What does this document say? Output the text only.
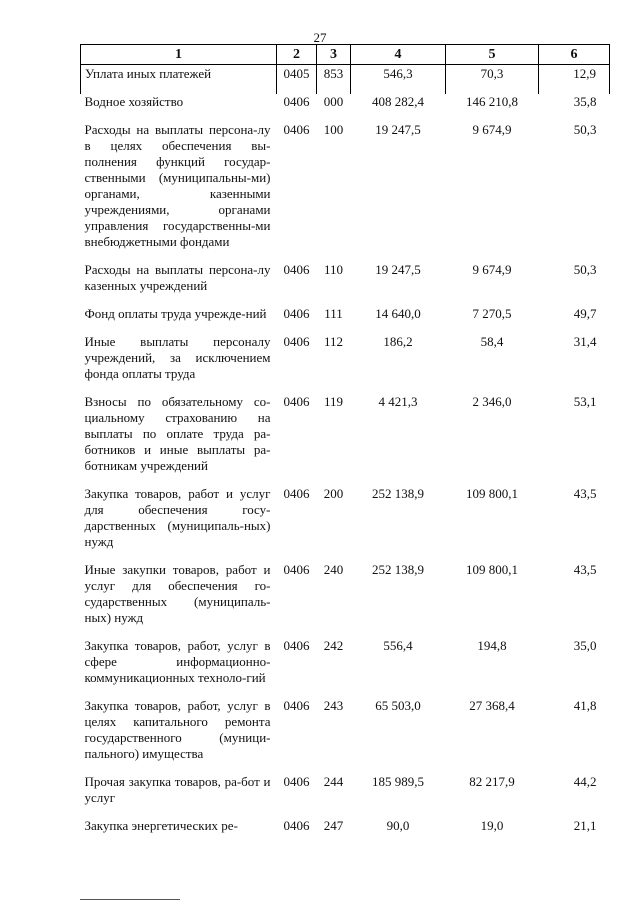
27
1	2	3	4	5	6
Уплата иных платежей	0405	853	546,3	70,3	12,9
Водное хозяйство	0406	000	408 282,4	146 210,8	35,8
Расходы на выплаты персона-лу в целях обеспечения вы-полнения функций государ-ственными (муниципальны-ми) органами, казенными учреждениями, органами управления государственны-ми внебюджетными фондами	0406	100	19 247,5	9 674,9	50,3
Расходы на выплаты персона-лу казенных учреждений	0406	110	19 247,5	9 674,9	50,3
Фонд оплаты труда учрежде-ний	0406	111	14 640,0	7 270,5	49,7
Иные выплаты персоналу учреждений, за исключением фонда оплаты труда	0406	112	186,2	58,4	31,4
Взносы по обязательному со-циальному страхованию на выплаты по оплате труда ра-ботников и иные выплаты ра-ботникам учреждений	0406	119	4 421,3	2 346,0	53,1
Закупка товаров, работ и услуг для обеспечения госу-дарственных (муниципаль-ных) нужд	0406	200	252 138,9	109 800,1	43,5
Иные закупки товаров, работ и услуг для обеспечения го-сударственных (муниципаль-ных) нужд	0406	240	252 138,9	109 800,1	43,5
Закупка товаров, работ, услуг в сфере информационно-коммуникационных техноло-гий	0406	242	556,4	194,8	35,0
Закупка товаров, работ, услуг в целях капитального ремонта государственного (муници-пального) имущества	0406	243	65 503,0	27 368,4	41,8
Прочая закупка товаров, ра-бот и услуг	0406	244	185 989,5	82 217,9	44,2
Закупка энергетических ре-	0406	247	90,0	19,0	21,1
